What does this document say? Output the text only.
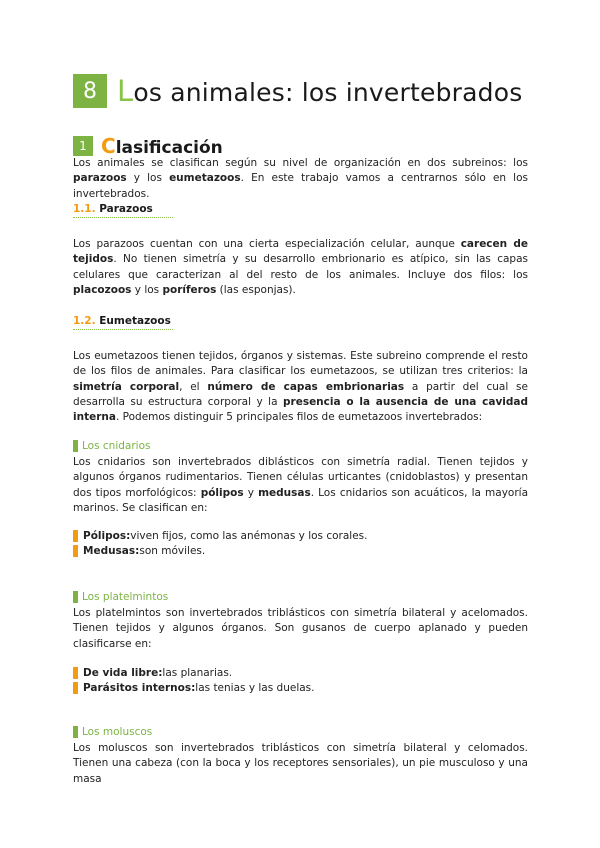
8 Los animales: los invertebrados
1 Clasificación
Los animales se clasifican según su nivel de organización en dos subreinos: los parazoos y los eumetazoos. En este trabajo vamos a centrarnos sólo en los invertebrados.
1.1. Parazoos
Los parazoos cuentan con una cierta especialización celular, aunque carecen de tejidos. No tienen simetría y su desarrollo embrionario es atípico, sin las capas celulares que caracterizan al del resto de los animales. Incluye dos filos: los placozoos y los poríferos (las esponjas).
1.2. Eumetazoos
Los eumetazoos tienen tejidos, órganos y sistemas. Este subreino comprende el resto de los filos de animales. Para clasificar los eumetazoos, se utilizan tres criterios: la simetría corporal, el número de capas embrionarias a partir del cual se desarrolla su estructura corporal y la presencia o la ausencia de una cavidad interna. Podemos distinguir 5 principales filos de eumetazoos invertebrados:
Los cnidarios
Los cnidarios son invertebrados diblásticos con simetría radial. Tienen tejidos y algunos órganos rudimentarios. Tienen células urticantes (cnidoblastos) y presentan dos tipos morfológicos: pólipos y medusas. Los cnidarios son acuáticos, la mayoría marinos. Se clasifican en:
Pólipos: viven fijos, como las anémonas y los corales.
Medusas: son móviles.
Los platelmintos
Los platelmintos son invertebrados triblásticos con simetría bilateral y acelomados. Tienen tejidos y algunos órganos. Son gusanos de cuerpo aplanado y pueden clasificarse en:
De vida libre: las planarias.
Parásitos internos: las tenias y las duelas.
Los moluscos
Los moluscos son invertebrados triblásticos con simetría bilateral y celomados. Tienen una cabeza (con la boca y los receptores sensoriales), un pie musculoso y una masa
